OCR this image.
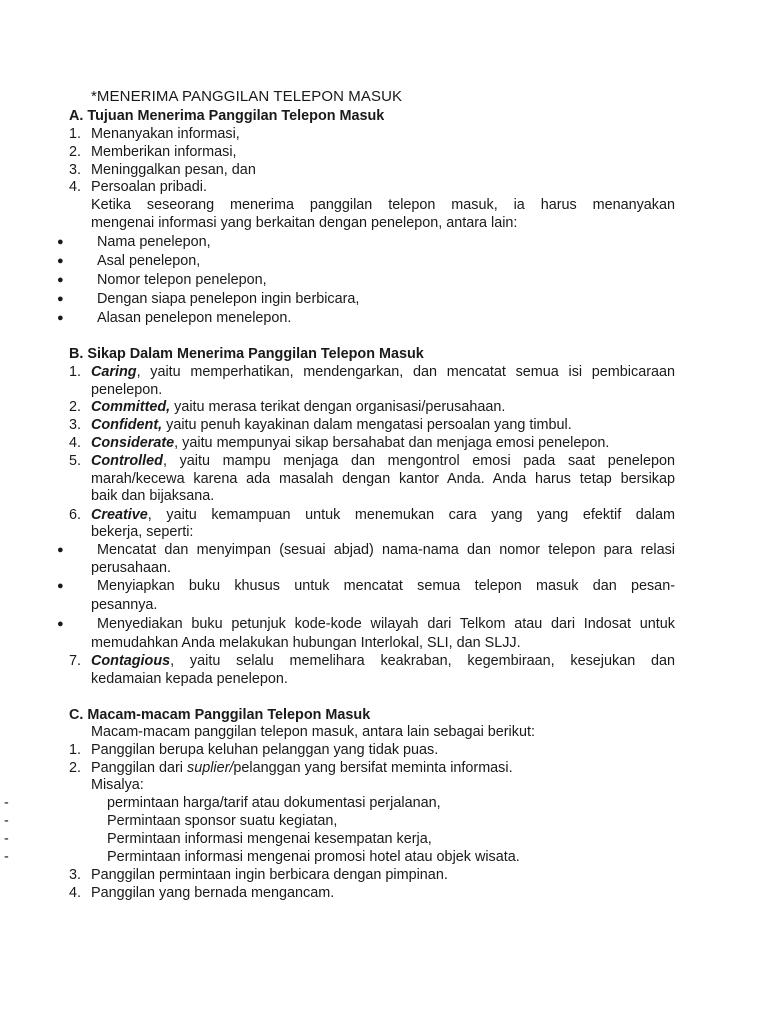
*MENERIMA PANGGILAN TELEPON MASUK
A. Tujuan Menerima Panggilan Telepon Masuk
1. Menanyakan informasi,
2. Memberikan informasi,
3. Meninggalkan pesan, dan
4. Persoalan pribadi.
Ketika seseorang menerima panggilan telepon masuk, ia harus menanyakan
mengenai informasi yang berkaitan dengan penelepon, antara lain:
● Nama penelepon,
● Asal penelepon,
● Nomor telepon penelepon,
● Dengan siapa penelepon ingin berbicara,
● Alasan penelepon menelepon.
B. Sikap Dalam Menerima Panggilan Telepon Masuk
1. Caring, yaitu memperhatikan, mendengarkan, dan mencatat semua isi pembicaraan
penelepon.
2. Committed, yaitu merasa terikat dengan organisasi/perusahaan.
3. Confident, yaitu penuh kayakinan dalam mengatasi persoalan yang timbul.
4. Considerate, yaitu mempunyai sikap bersahabat dan menjaga emosi penelepon.
5. Controlled, yaitu mampu menjaga dan mengontrol emosi pada saat penelepon
marah/kecewa karena ada masalah dengan kantor Anda. Anda harus tetap bersikap
baik dan bijaksana.
6. Creative, yaitu kemampuan untuk menemukan cara yang yang efektif dalam
bekerja, seperti:
● Mencatat dan menyimpan (sesuai abjad) nama-nama dan nomor telepon para relasi
perusahaan.
● Menyiapkan buku khusus untuk mencatat semua telepon masuk dan pesan-
pesannya.
● Menyediakan buku petunjuk kode-kode wilayah dari Telkom atau dari Indosat untuk
memudahkan Anda melakukan hubungan Interlokal, SLI, dan SLJJ.
7. Contagious, yaitu selalu memelihara keakraban, kegembiraan, kesejukan dan
kedamaian kepada penelepon.
C. Macam-macam Panggilan Telepon Masuk
Macam-macam panggilan telepon masuk, antara lain sebagai berikut:
1. Panggilan berupa keluhan pelanggan yang tidak puas.
2. Panggilan dari suplier/pelanggan yang bersifat meminta informasi.
Misalya:
-	permintaan harga/tarif atau dokumentasi perjalanan,
-	Permintaan sponsor suatu kegiatan,
-	Permintaan informasi mengenai kesempatan kerja,
-	Permintaan informasi mengenai promosi hotel atau objek wisata.
3. Panggilan permintaan ingin berbicara dengan pimpinan.
4. Panggilan yang bernada mengancam.
